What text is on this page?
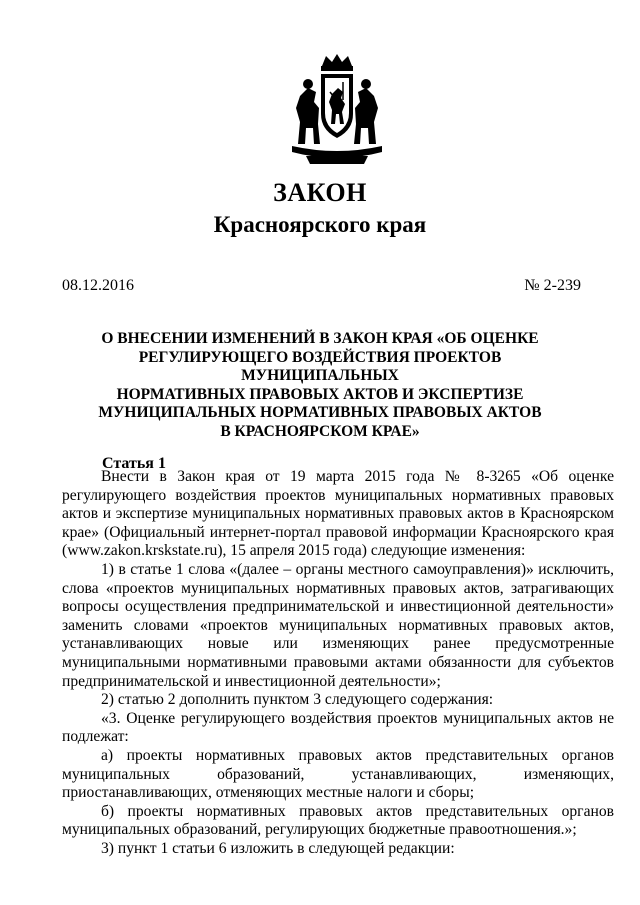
ЗАКОН
Красноярского края
08.12.2016	№ 2-239
О ВНЕСЕНИИ ИЗМЕНЕНИЙ В ЗАКОН КРАЯ «ОБ ОЦЕНКЕ
РЕГУЛИРУЮЩЕГО ВОЗДЕЙСТВИЯ ПРОЕКТОВ МУНИЦИПАЛЬНЫХ
НОРМАТИВНЫХ ПРАВОВЫХ АКТОВ И ЭКСПЕРТИЗЕ
МУНИЦИПАЛЬНЫХ НОРМАТИВНЫХ ПРАВОВЫХ АКТОВ
В КРАСНОЯРСКОМ КРАЕ»
Статья 1

Внести в Закон края от 19 марта 2015 года № 8-3265 «Об оценке регулирующего воздействия проектов муниципальных нормативных правовых актов и экспертизе муниципальных нормативных правовых актов в Красноярском крае» (Официальный интернет-портал правовой информации Красноярского края (www.zakon.krskstate.ru), 15 апреля 2015 года) следующие изменения:

1) в статье 1 слова «(далее – органы местного самоуправления)» исключить, слова «проектов муниципальных нормативных правовых актов, затрагивающих вопросы осуществления предпринимательской и инвестиционной деятельности» заменить словами «проектов муниципальных нормативных правовых актов, устанавливающих новые или изменяющих ранее предусмотренные муниципальными нормативными правовыми актами обязанности для субъектов предпринимательской и инвестиционной деятельности»;

2) статью 2 дополнить пунктом 3 следующего содержания:

«3. Оценке регулирующего воздействия проектов муниципальных актов не подлежат:

а) проекты нормативных правовых актов представительных органов муниципальных образований, устанавливающих, изменяющих, приостанавливающих, отменяющих местные налоги и сборы;

б) проекты нормативных правовых актов представительных органов муниципальных образований, регулирующих бюджетные правоотношения.»;

3) пункт 1 статьи 6 изложить в следующей редакции:
